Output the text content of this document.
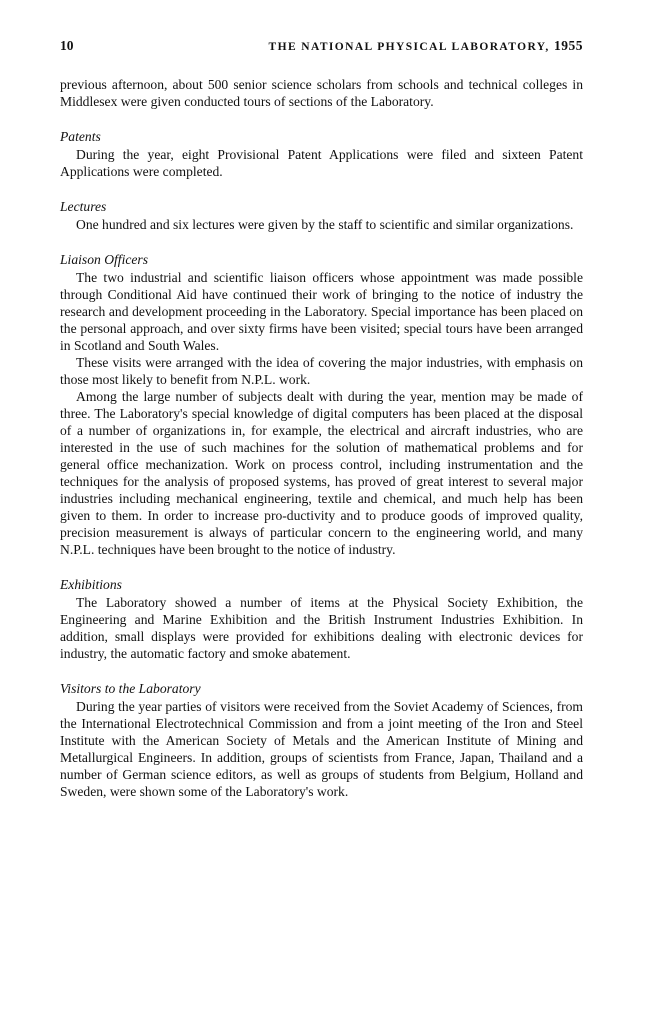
10	THE NATIONAL PHYSICAL LABORATORY, 1955

previous afternoon, about 500 senior science scholars from schools and technical colleges in Middlesex were given conducted tours of sections of the Laboratory.

Patents

During the year, eight Provisional Patent Applications were filed and sixteen Patent Applications were completed.

Lectures

One hundred and six lectures were given by the staff to scientific and similar organizations.

Liaison Officers

The two industrial and scientific liaison officers whose appointment was made possible through Conditional Aid have continued their work of bringing to the notice of industry the research and development proceeding in the Laboratory. Special importance has been placed on the personal approach, and over sixty firms have been visited; special tours have been arranged in Scotland and South Wales.

These visits were arranged with the idea of covering the major industries, with emphasis on those most likely to benefit from N.P.L. work.

Among the large number of subjects dealt with during the year, mention may be made of three. The Laboratory's special knowledge of digital computers has been placed at the disposal of a number of organizations in, for example, the electrical and aircraft industries, who are interested in the use of such machines for the solution of mathematical problems and for general office mechanization. Work on process control, including instrumentation and the techniques for the analysis of proposed systems, has proved of great interest to several major industries including mechanical engineering, textile and chemical, and much help has been given to them. In order to increase pro-ductivity and to produce goods of improved quality, precision measurement is always of particular concern to the engineering world, and many N.P.L. techniques have been brought to the notice of industry.

Exhibitions

The Laboratory showed a number of items at the Physical Society Exhibition, the Engineering and Marine Exhibition and the British Instrument Industries Exhibition. In addition, small displays were provided for exhibitions dealing with electronic devices for industry, the automatic factory and smoke abatement.

Visitors to the Laboratory

During the year parties of visitors were received from the Soviet Academy of Sciences, from the International Electrotechnical Commission and from a joint meeting of the Iron and Steel Institute with the American Society of Metals and the American Institute of Mining and Metallurgical Engineers. In addition, groups of scientists from France, Japan, Thailand and a number of German science editors, as well as groups of students from Belgium, Holland and Sweden, were shown some of the Laboratory's work.
